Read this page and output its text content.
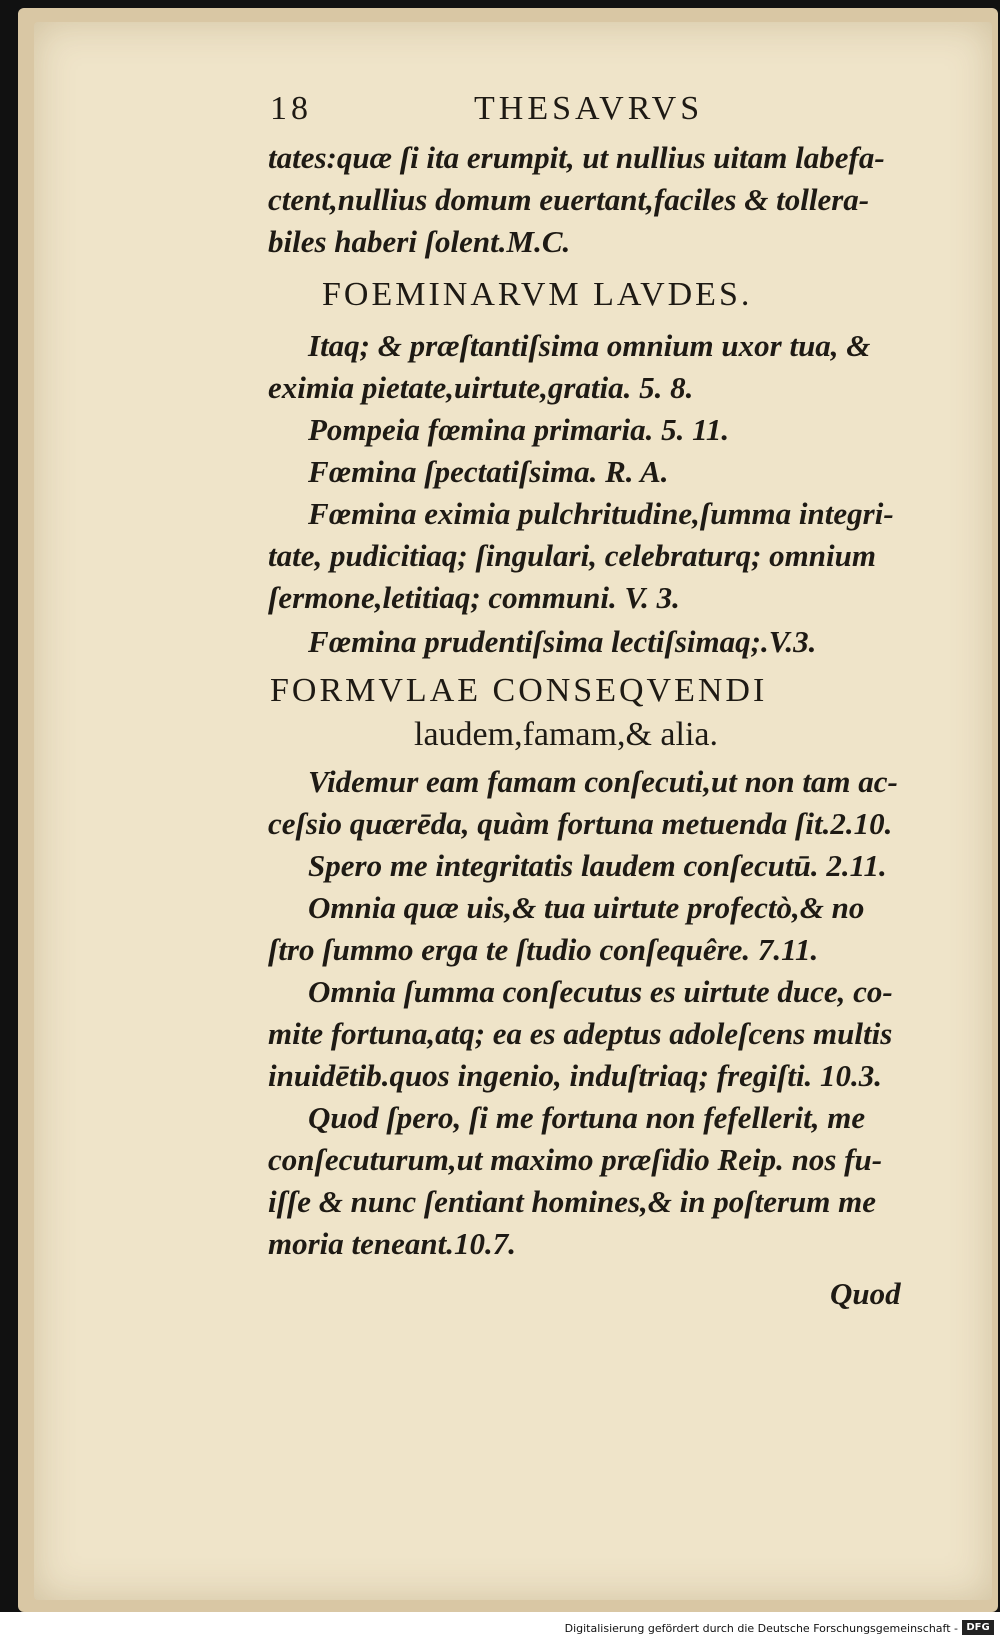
18	THESAVRVS
tates:quæ ſi ita erumpit, ut nullius uitam labefa-
ctent,nullius domum euertant,faciles & tollera-
biles haberi ſolent.M.C.
FOEMINARVM LAVDES.
Itaq; & præſtantiſsima omnium uxor tua, &
eximia pietate,uirtute,gratia. 5. 8.
Pompeia fœmina primaria. 5. 11.
Fœmina ſpectatiſsima. R. A.
Fœmina eximia pulchritudine,ſumma integri-
tate, pudicitiaq; ſingulari, celebraturq; omnium
ſermone,letitiaq; communi. V. 3.
Fœmina prudentiſsima lectiſsimaq;.V.3.
FORMVLAE CONSEQVENDI
laudem,famam,& alia.
Videmur eam famam conſecuti,ut non tam ac-
ceſsio quærēda, quàm fortuna metuenda ſit.2.10.
Spero me integritatis laudem conſecutū. 2.11.
Omnia quæ uis,& tua uirtute profectò,& no
ſtro ſummo erga te ſtudio conſequêre. 7.11.
Omnia ſumma conſecutus es uirtute duce, co-
mite fortuna,atq; ea es adeptus adoleſcens multis
inuidētib.quos ingenio, induſtriaq; fregiſti. 10.3.
Quod ſpero, ſi me fortuna non fefellerit, me
conſecuturum,ut maximo præſidio Reip. nos fu-
iſſe & nunc ſentiant homines,& in poſterum me
moria teneant.10.7.
Quod
Digitalisierung gefördert durch die Deutsche Forschungsgemeinschaft - DFG
